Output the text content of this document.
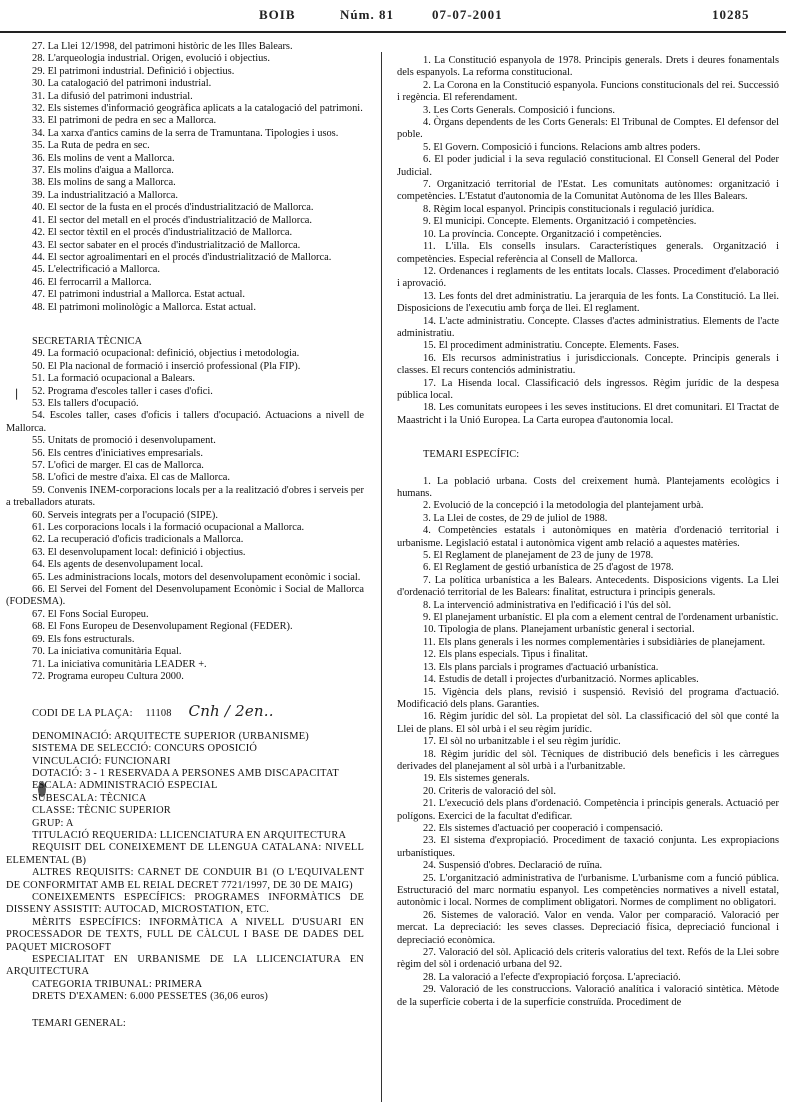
BOIB	Núm. 81	07-07-2001	10285
❘

27. La Llei 12/1998, del patrimoni històric de les Illes Balears.

28. L'arqueologia industrial. Origen, evolució i objectius.

29. El patrimoni industrial. Definició i objectius.

30. La catalogació del patrimoni industrial.

31. La difusió del patrimoni industrial.

32. Els sistemes d'informació geogràfica aplicats a la catalogació del patrimoni.

33. El patrimoni de pedra en sec a Mallorca.

34. La xarxa d'antics camins de la serra de Tramuntana. Tipologies i usos.

35. La Ruta de pedra en sec.

36. Els molins de vent a Mallorca.

37. Els molins d'aigua a Mallorca.

38. Els molins de sang a Mallorca.

39. La industrialització a Mallorca.

40. El sector de la fusta en el procés d'industrialització de Mallorca.

41. El sector del metall en el procés d'industrialització de Mallorca.

42. El sector tèxtil en el procés d'industrialització de Mallorca.

43. El sector sabater en el procés d'industrialització de Mallorca.

44. El sector agroalimentari en el procés d'industrialització de Mallorca.

45. L'electrificació a Mallorca.

46. El ferrocarril a Mallorca.

47. El patrimoni industrial a Mallorca. Estat actual.

48. El patrimoni molinològic a Mallorca. Estat actual.

SECRETARIA TÈCNICA

49. La formació ocupacional: definició, objectius i metodologia.

50. El Pla nacional de formació i inserció professional (Pla FIP).

51. La formació ocupacional a Balears.

52. Programa d'escoles taller i cases d'ofici.

53. Els tallers d'ocupació.

54. Escoles taller, cases d'oficis i tallers d'ocupació. Actuacions a nivell de Mallorca.

55. Unitats de promoció i desenvolupament.

56. Els centres d'iniciatives empresarials.

57. L'ofici de marger. El cas de Mallorca.

58. L'ofici de mestre d'aixa. El cas de Mallorca.

59. Convenis INEM-corporacions locals per a la realització d'obres i serveis per a treballadors aturats.

60. Serveis integrats per a l'ocupació (SIPE).

61. Les corporacions locals i la formació ocupacional a Mallorca.

62. La recuperació d'oficis tradicionals a Mallorca.

63. El desenvolupament local: definició i objectius.

64. Els agents de desenvolupament local.

65. Les administracions locals, motors del desenvolupament econòmic i social.

66. El Servei del Foment del Desenvolupament Econòmic i Social de Mallorca (FODESMA).

67. El Fons Social Europeu.

68. El Fons Europeu de Desenvolupament Regional (FEDER).

69. Els fons estructurals.

70. La iniciativa comunitària Equal.

71. La iniciativa comunitària LEADER +.

72. Programa europeu Cultura 2000.

CODI DE LA PLAÇA: 11108 Cnh / 2en..

DENOMINACIÓ: ARQUITECTE SUPERIOR (URBANISME)

SISTEMA DE SELECCIÓ: CONCURS OPOSICIÓ

VINCULACIÓ: FUNCIONARI

DOTACIÓ: 3 - 1 RESERVADA A PERSONES AMB DISCAPACITAT

ESCALA: ADMINISTRACIÓ ESPECIAL

SUBESCALA: TÈCNICA

CLASSE: TÈCNIC SUPERIOR

GRUP: A

TITULACIÓ REQUERIDA: LLICENCIATURA EN ARQUITECTURA

REQUISIT DEL CONEIXEMENT DE LLENGUA CATALANA: NIVELL ELEMENTAL (B)

ALTRES REQUISITS: CARNET DE CONDUIR B1 (O L'EQUIVALENT DE CONFORMITAT AMB EL REIAL DECRET 7721/1997, DE 30 DE MAIG)

CONEIXEMENTS ESPECÍFICS: PROGRAMES INFORMÀTICS DE DISSENY ASSISTIT: AUTOCAD, MICROSTATION, ETC.

MÈRITS ESPECÍFICS: INFORMÀTICA A NIVELL D'USUARI EN PROCESSADOR DE TEXTS, FULL DE CÀLCUL I BASE DE DADES DEL PAQUET MICROSOFT

ESPECIALITAT EN URBANISME DE LA LLICENCIATURA EN ARQUITECTURA

CATEGORIA TRIBUNAL: PRIMERA

DRETS D'EXAMEN: 6.000 PESSETES (36,06 euros)

TEMARI GENERAL:

1. La Constitució espanyola de 1978. Principis generals. Drets i deures fonamentals dels espanyols. La reforma constitucional.

2. La Corona en la Constitució espanyola. Funcions constitucionals del rei. Successió i regència. El referendament.

3. Les Corts Generals. Composició i funcions.

4. Òrgans dependents de les Corts Generals: El Tribunal de Comptes. El defensor del poble.

5. El Govern. Composició i funcions. Relacions amb altres poders.

6. El poder judicial i la seva regulació constitucional. El Consell General del Poder Judicial.

7. Organització territorial de l'Estat. Les comunitats autònomes: organització i competències. L'Estatut d'autonomia de la Comunitat Autònoma de les Illes Balears.

8. Règim local espanyol. Principis constitucionals i regulació jurídica.

9. El municipi. Concepte. Elements. Organització i competències.

10. La província. Concepte. Organització i competències.

11. L'illa. Els consells insulars. Característiques generals. Organització i competències. Especial referència al Consell de Mallorca.

12. Ordenances i reglaments de les entitats locals. Classes. Procediment d'elaboració i aprovació.

13. Les fonts del dret administratiu. La jerarquia de les fonts. La Constitució. La llei. Disposicions de l'executiu amb força de llei. El reglament.

14. L'acte administratiu. Concepte. Classes d'actes administratius. Elements de l'acte administratiu.

15. El procediment administratiu. Concepte. Elements. Fases.

16. Els recursos administratius i jurisdiccionals. Concepte. Principis generals i classes. El recurs contenciós administratiu.

17. La Hisenda local. Classificació dels ingressos. Règim jurídic de la despesa pública local.

18. Les comunitats europees i les seves institucions. El dret comunitari. El Tractat de Maastricht i la Unió Europea. La Carta europea d'autonomia local.

TEMARI ESPECÍFIC:

1. La població urbana. Costs del creixement humà. Plantejaments ecològics i humans.

2. Evolució de la concepció i la metodologia del plantejament urbà.

3. La Llei de costes, de 29 de juliol de 1988.

4. Competències estatals i autonòmiques en matèria d'ordenació territorial i urbanisme. Legislació estatal i autonòmica vigent amb relació a aquestes matèries.

5. El Reglament de planejament de 23 de juny de 1978.

6. El Reglament de gestió urbanística de 25 d'agost de 1978.

7. La política urbanística a les Balears. Antecedents. Disposicions vigents. La Llei d'ordenació territorial de les Balears: finalitat, estructura i principis generals.

8. La intervenció administrativa en l'edificació i l'ús del sòl.

9. El planejament urbanístic. El pla com a element central de l'ordenament urbanístic.

10. Tipologia de plans. Planejament urbanístic general i sectorial.

11. Els plans generals i les normes complementàries i subsidiàries de planejament.

12. Els plans especials. Tipus i finalitat.

13. Els plans parcials i programes d'actuació urbanística.

14. Estudis de detall i projectes d'urbanització. Normes aplicables.

15. Vigència dels plans, revisió i suspensió. Revisió del programa d'actuació. Modificació dels plans. Garanties.

16. Règim jurídic del sòl. La propietat del sòl. La classificació del sòl que conté la Llei de plans. El sòl urbà i el seu règim jurídic.

17. El sòl no urbanitzable i el seu règim jurídic.

18. Règim jurídic del sòl. Tècniques de distribució dels beneficis i les càrregues derivades del planejament al sòl urbà i a l'urbanitzable.

19. Els sistemes generals.

20. Criteris de valoració del sòl.

21. L'execució dels plans d'ordenació. Competència i principis generals. Actuació per polígons. Exercici de la facultat d'edificar.

22. Els sistemes d'actuació per cooperació i compensació.

23. El sistema d'expropiació. Procediment de taxació conjunta. Les expropiacions urbanístiques.

24. Suspensió d'obres. Declaració de ruïna.

25. L'organització administrativa de l'urbanisme. L'urbanisme com a funció pública. Estructuració del marc normatiu espanyol. Les competències normatives a nivell estatal, autonòmic i local. Normes de compliment obligatori. Normes de compliment no obligatori.

26. Sistemes de valoració. Valor en venda. Valor per comparació. Valoració per mercat. La depreciació: les seves classes. Depreciació física, depreciació funcional i depreciació econòmica.

27. Valoració del sòl. Aplicació dels criteris valoratius del text. Refós de la Llei sobre règim del sòl i ordenació urbana del 92.

28. La valoració a l'efecte d'expropiació forçosa. L'apreciació.

29. Valoració de les construccions. Valoració analítica i valoració sintètica. Mètode de la superfície coberta i de la superfície construïda. Procediment de
